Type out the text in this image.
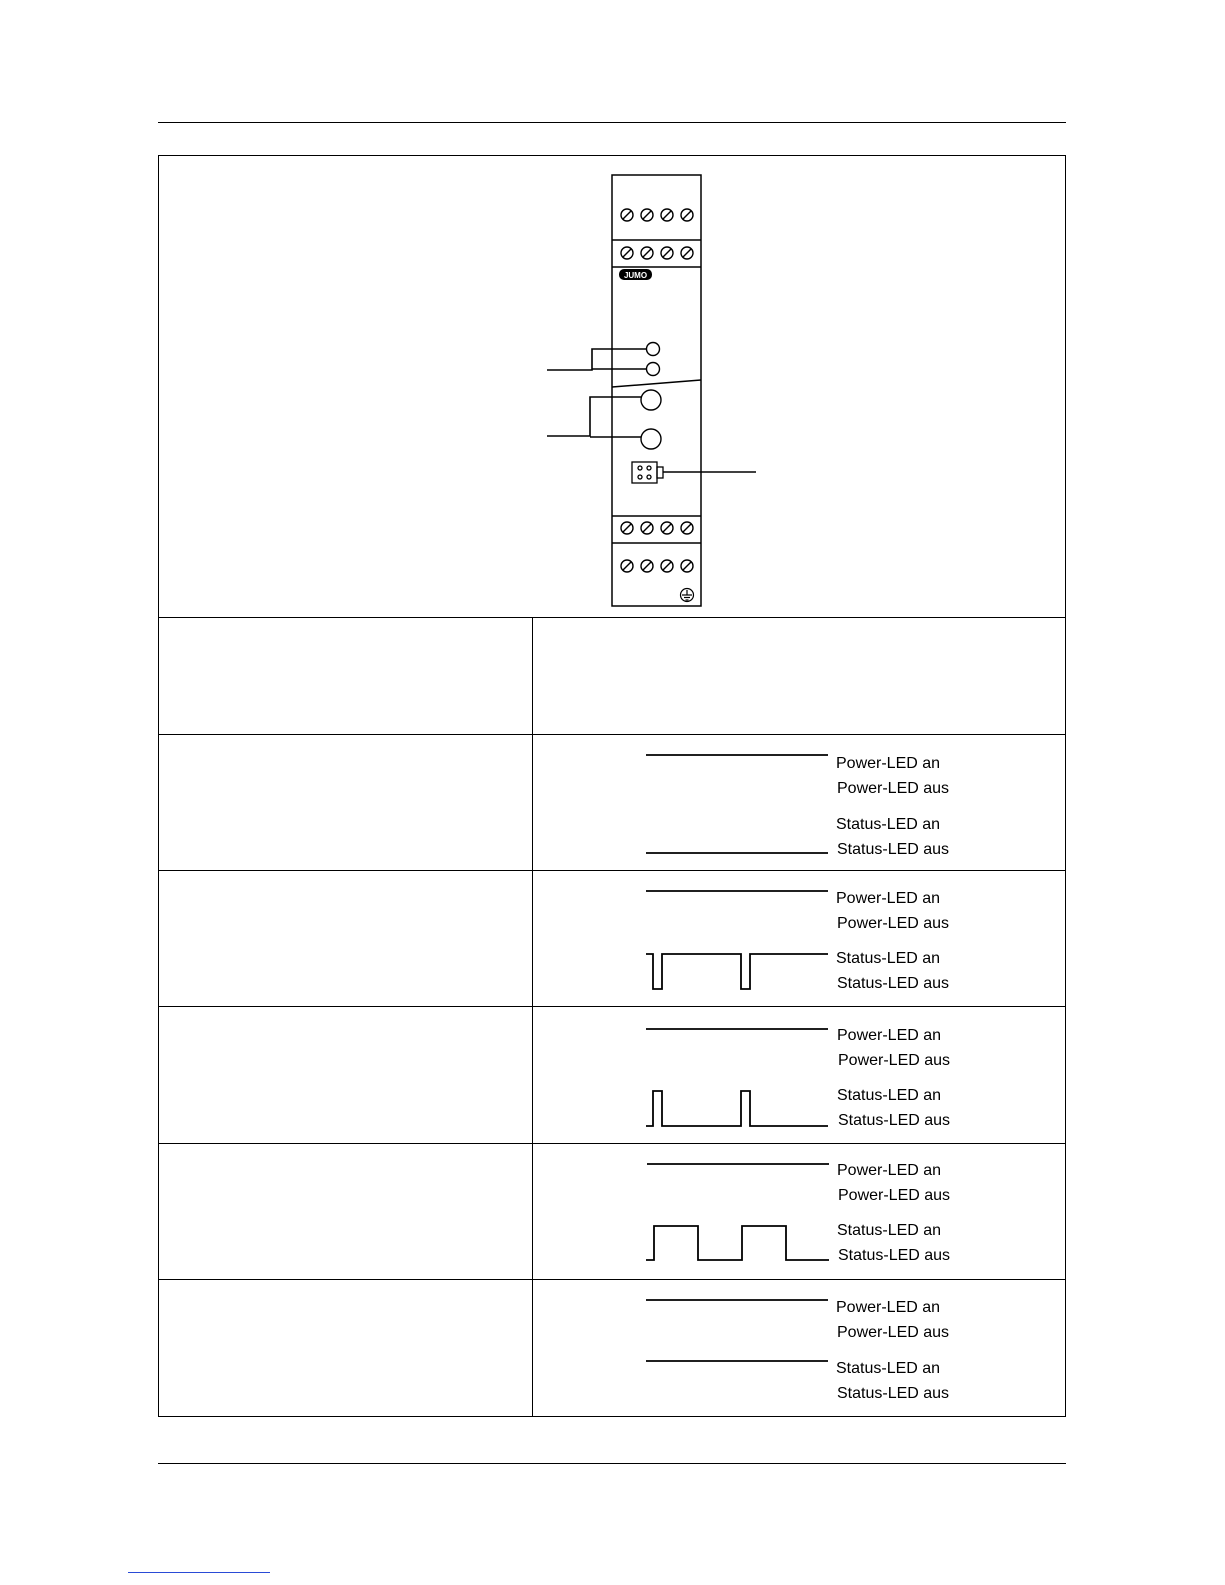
JUMO
Power-LED an
Power-LED aus
Status-LED an
Status-LED aus
Power-LED an
Power-LED aus
Status-LED an
Status-LED aus
Power-LED an
Power-LED aus
Status-LED an
Status-LED aus
Power-LED an
Power-LED aus
Status-LED an
Status-LED aus
Power-LED an
Power-LED aus
Status-LED an
Status-LED aus
